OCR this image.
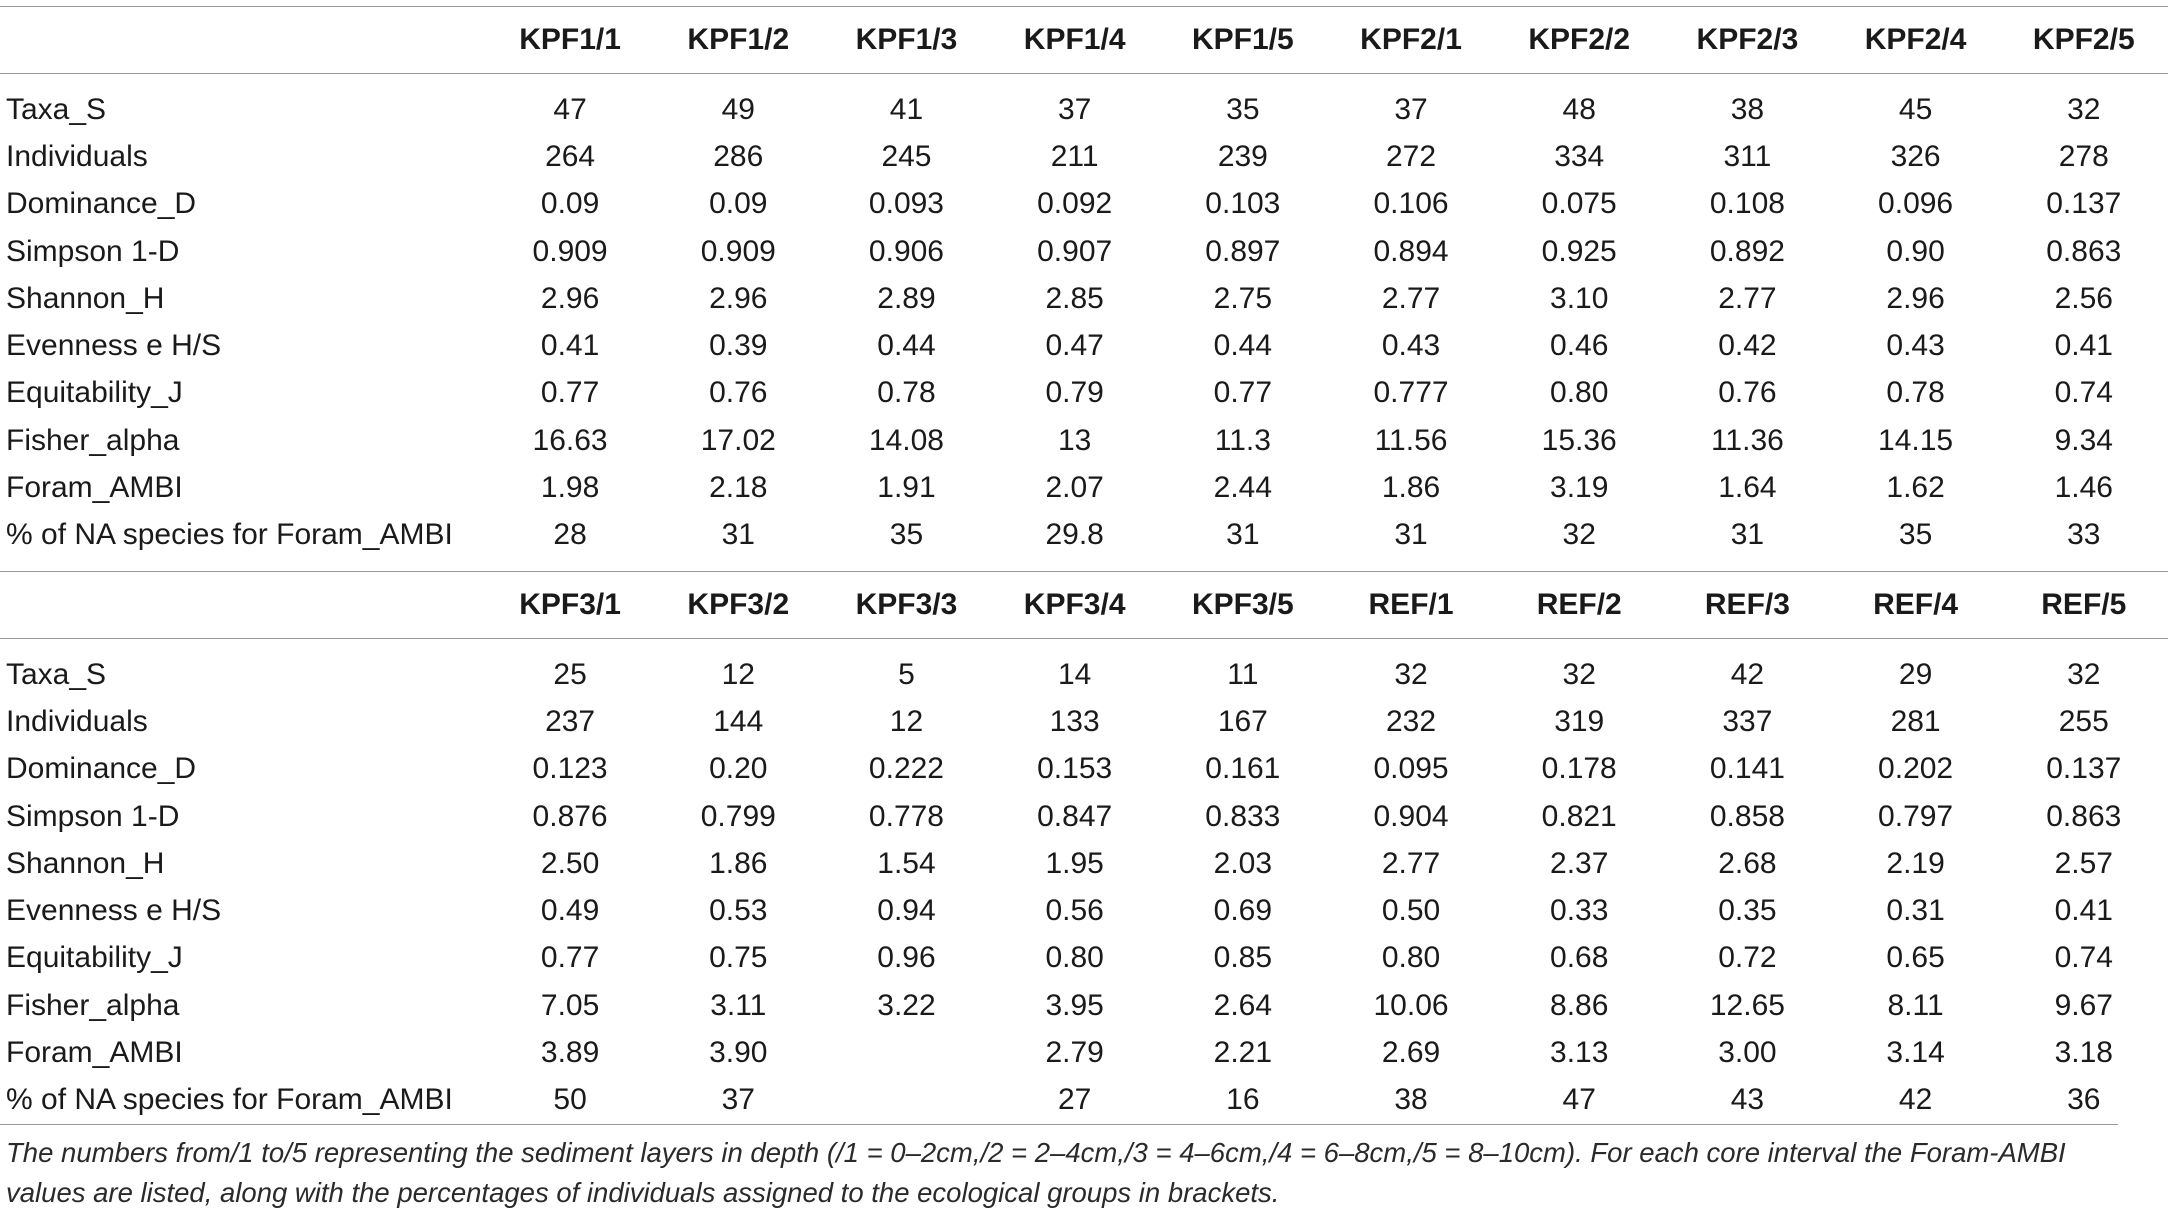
	KPF1/1	KPF1/2	KPF1/3	KPF1/4	KPF1/5	KPF2/1	KPF2/2	KPF2/3	KPF2/4	KPF2/5

Taxa_S	47	49	41	37	35	37	48	38	45	32
Individuals	264	286	245	211	239	272	334	311	326	278
Dominance_D	0.09	0.09	0.093	0.092	0.103	0.106	0.075	0.108	0.096	0.137
Simpson 1-D	0.909	0.909	0.906	0.907	0.897	0.894	0.925	0.892	0.90	0.863
Shannon_H	2.96	2.96	2.89	2.85	2.75	2.77	3.10	2.77	2.96	2.56
Evenness e H/S	0.41	0.39	0.44	0.47	0.44	0.43	0.46	0.42	0.43	0.41
Equitability_J	0.77	0.76	0.78	0.79	0.77	0.777	0.80	0.76	0.78	0.74
Fisher_alpha	16.63	17.02	14.08	13	11.3	11.56	15.36	11.36	14.15	9.34
Foram_AMBI	1.98	2.18	1.91	2.07	2.44	1.86	3.19	1.64	1.62	1.46
% of NA species for Foram_AMBI	28	31	35	29.8	31	31	32	31	35	33

	KPF3/1	KPF3/2	KPF3/3	KPF3/4	KPF3/5	REF/1	REF/2	REF/3	REF/4	REF/5

Taxa_S	25	12	5	14	11	32	32	42	29	32
Individuals	237	144	12	133	167	232	319	337	281	255
Dominance_D	0.123	0.20	0.222	0.153	0.161	0.095	0.178	0.141	0.202	0.137
Simpson 1-D	0.876	0.799	0.778	0.847	0.833	0.904	0.821	0.858	0.797	0.863
Shannon_H	2.50	1.86	1.54	1.95	2.03	2.77	2.37	2.68	2.19	2.57
Evenness e H/S	0.49	0.53	0.94	0.56	0.69	0.50	0.33	0.35	0.31	0.41
Equitability_J	0.77	0.75	0.96	0.80	0.85	0.80	0.68	0.72	0.65	0.74
Fisher_alpha	7.05	3.11	3.22	3.95	2.64	10.06	8.86	12.65	8.11	9.67
Foram_AMBI	3.89	3.90		2.79	2.21	2.69	3.13	3.00	3.14	3.18
% of NA species for Foram_AMBI	50	37		27	16	38	47	43	42	36
The numbers from/1 to/5 representing the sediment layers in depth (/1 = 0–2cm,/2 = 2–4cm,/3 = 4–6cm,/4 = 6–8cm,/5 = 8–10cm). For each core interval the Foram-AMBI values are listed, along with the percentages of individuals assigned to the ecological groups in brackets.
